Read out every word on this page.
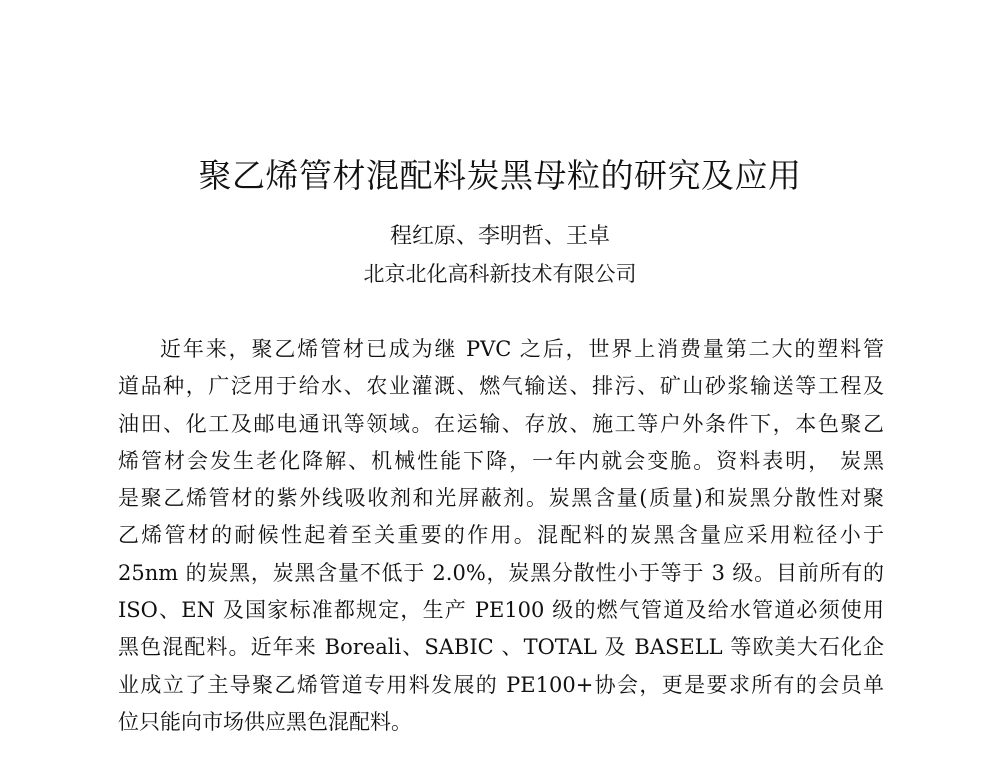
聚乙烯管材混配料炭黑母粒的研究及应用

程红原、李明哲、王卓

北京北化高科新技术有限公司

近年来，聚乙烯管材已成为继 PVC 之后，世界上消费量第二大的塑料管
道品种，广泛用于给水、农业灌溉、燃气输送、排污、矿山砂浆输送等工程及
油田、化工及邮电通讯等领域。在运输、存放、施工等户外条件下，本色聚乙
烯管材会发生老化降解、机械性能下降，一年内就会变脆。资料表明， 炭黑
是聚乙烯管材的紫外线吸收剂和光屏蔽剂。炭黑含量(质量)和炭黑分散性对聚
乙烯管材的耐候性起着至关重要的作用。混配料的炭黑含量应采用粒径小于
25nm 的炭黑，炭黑含量不低于 2.0%，炭黑分散性小于等于 3 级。目前所有的
ISO、EN 及国家标准都规定，生产 PE100 级的燃气管道及给水管道必须使用
黑色混配料。近年来 Boreali、SABIC 、TOTAL 及 BASELL 等欧美大石化企
业成立了主导聚乙烯管道专用料发展的 PE100+协会，更是要求所有的会员单
位只能向市场供应黑色混配料。
